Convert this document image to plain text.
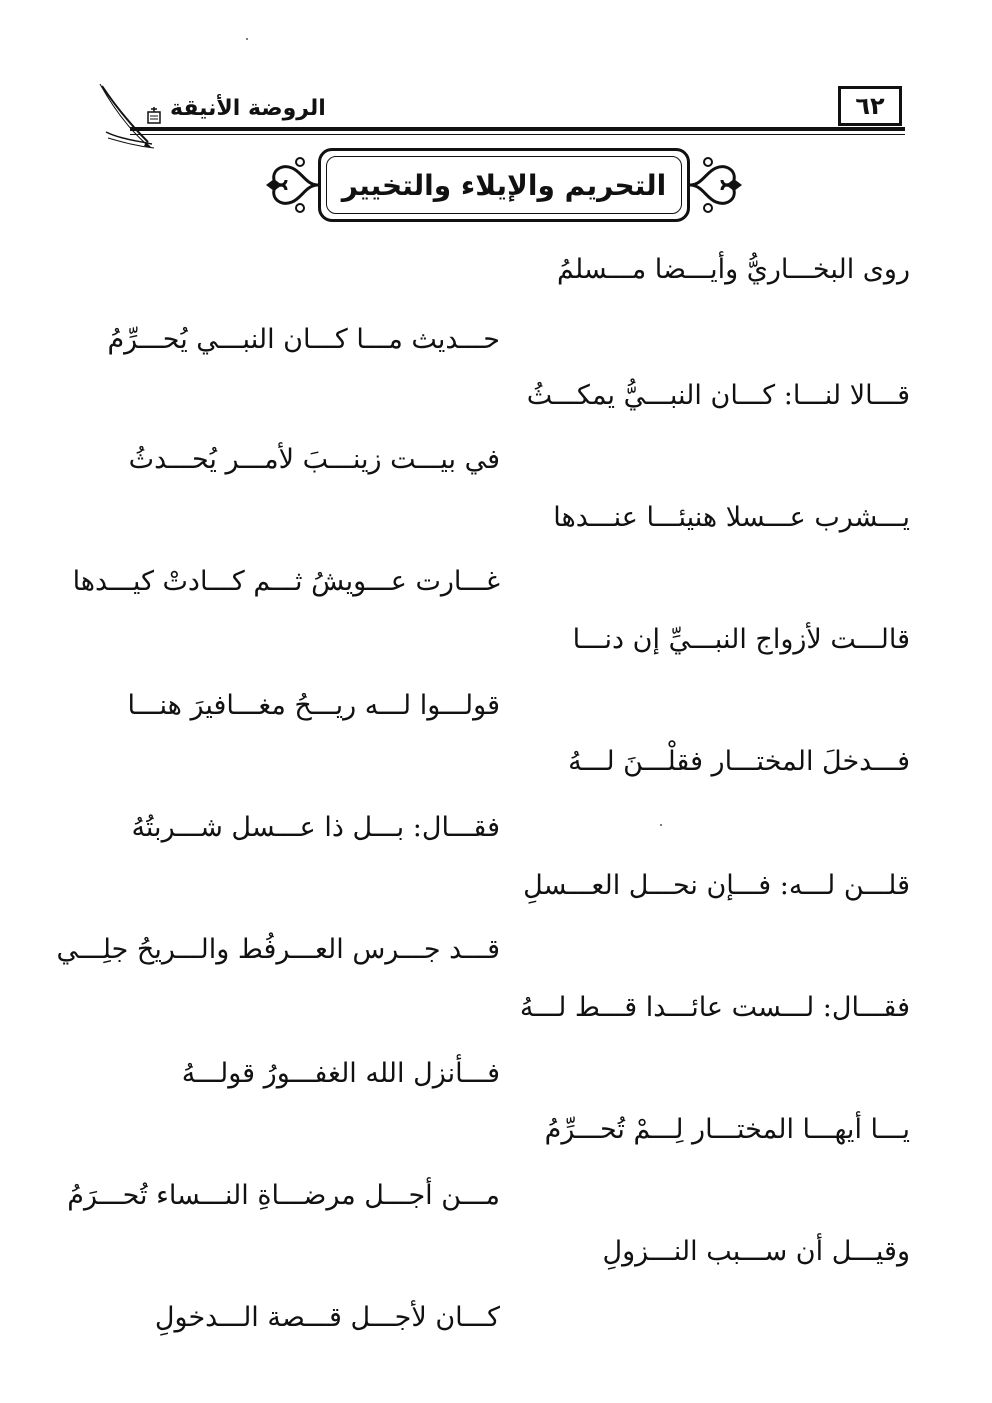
٦٢
الروضة الأنيقة
التحريم والإيلاء والتخيير
روى البخـــاريُّ وأيـــضا مـــسلمُ
حـــديث مـــا كـــان النبـــي يُحـــرِّمُ
قـــالا لنـــا: كـــان النبـــيُّ يمكـــثُ
في بيـــت زينـــبَ لأمـــر يُحـــدثُ
يـــشرب عـــسلا هنيئـــا عنـــدها
غـــارت عـــويشُ ثـــم كـــادتْ كيـــدها
قالـــت لأزواج النبـــيِّ إن دنـــا
قولـــوا لـــه ريـــحُ مغـــافيرَ هنـــا
فـــدخلَ المختـــار فقلْـــنَ لـــهُ
فقـــال: بـــل ذا عـــسل شـــربتُهُ
قلـــن لـــه: فـــإن نحـــل العـــسلِ
قـــد جـــرس العـــرفُط والـــريحُ جلِـــي
فقـــال: لـــست عائـــدا قـــط لـــهُ
فـــأنزل الله الغفـــورُ قولـــهُ
يـــا أيهـــا المختـــار لِـــمْ تُحـــرِّمُ
مـــن أجـــل مرضـــاةِ النـــساء تُحـــرَمُ
وقيـــل أن ســـبب النـــزولِ
كـــان لأجـــل قـــصة الـــدخولِ
